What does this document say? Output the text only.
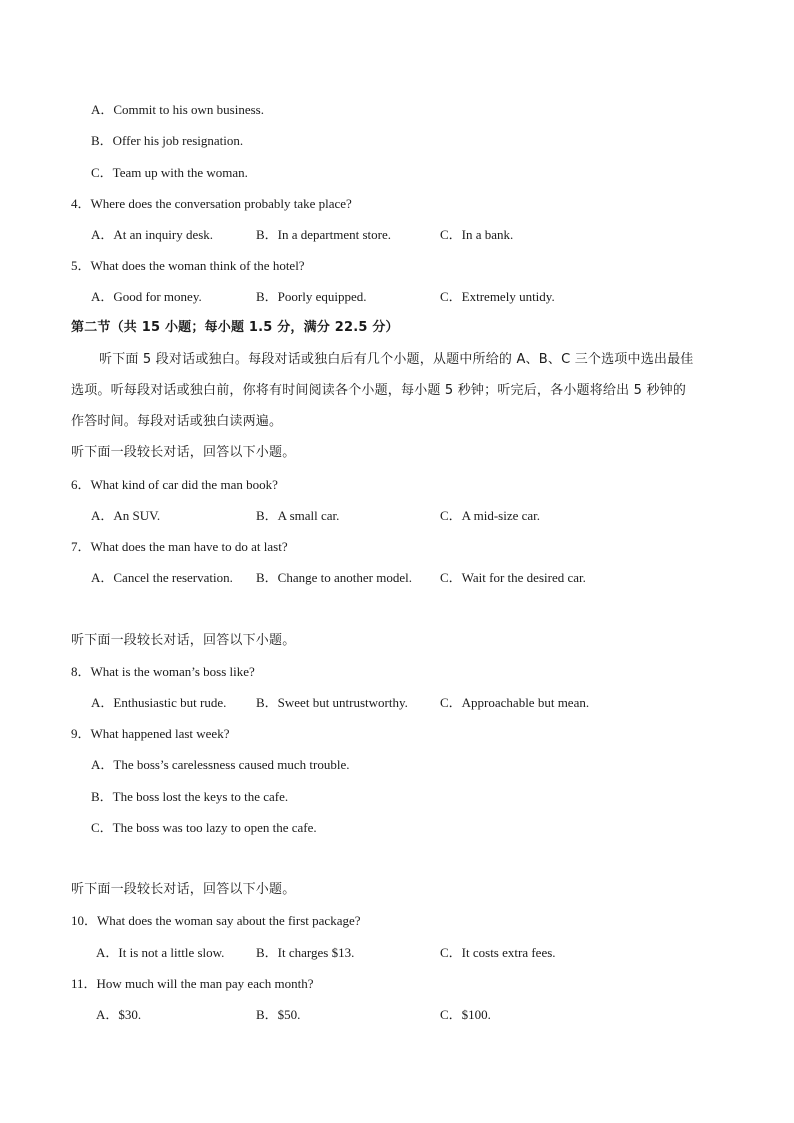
A．Commit to his own business.
B．Offer his job resignation.
C．Team up with the woman.
4．Where does the conversation probably take place?
A．At an inquiry desk.	B．In a department store.	C．In a bank.
5．What does the woman think of the hotel?
A．Good for money.	B．Poorly equipped.	C．Extremely untidy.
第二节（共 15 小题；每小题 1.5 分，满分 22.5 分）
听下面 5 段对话或独白。每段对话或独白后有几个小题，从题中所给的 A、B、C 三个选项中选出最佳
选项。听每段对话或独白前，你将有时间阅读各个小题，每小题 5 秒钟；听完后，各小题将给出 5 秒钟的
作答时间。每段对话或独白读两遍。
听下面一段较长对话，回答以下小题。
6．What kind of car did the man book?
A．An SUV.	B．A small car.	C．A mid-size car.
7．What does the man have to do at last?
A．Cancel the reservation. B．Change to another model. C．Wait for the desired car.
听下面一段较长对话，回答以下小题。
8．What is the woman’s boss like?
A．Enthusiastic but rude. B．Sweet but untrustworthy. C．Approachable but mean.
9．What happened last week?
A．The boss’s carelessness caused much trouble.
B．The boss lost the keys to the cafe.
C．The boss was too lazy to open the cafe.
听下面一段较长对话，回答以下小题。
10．What does the woman say about the first package?
A．It is not a little slow. B．It charges $13.	C．It costs extra fees.
11．How much will the man pay each month?
A．$30.	B．$50.	C．$100.
